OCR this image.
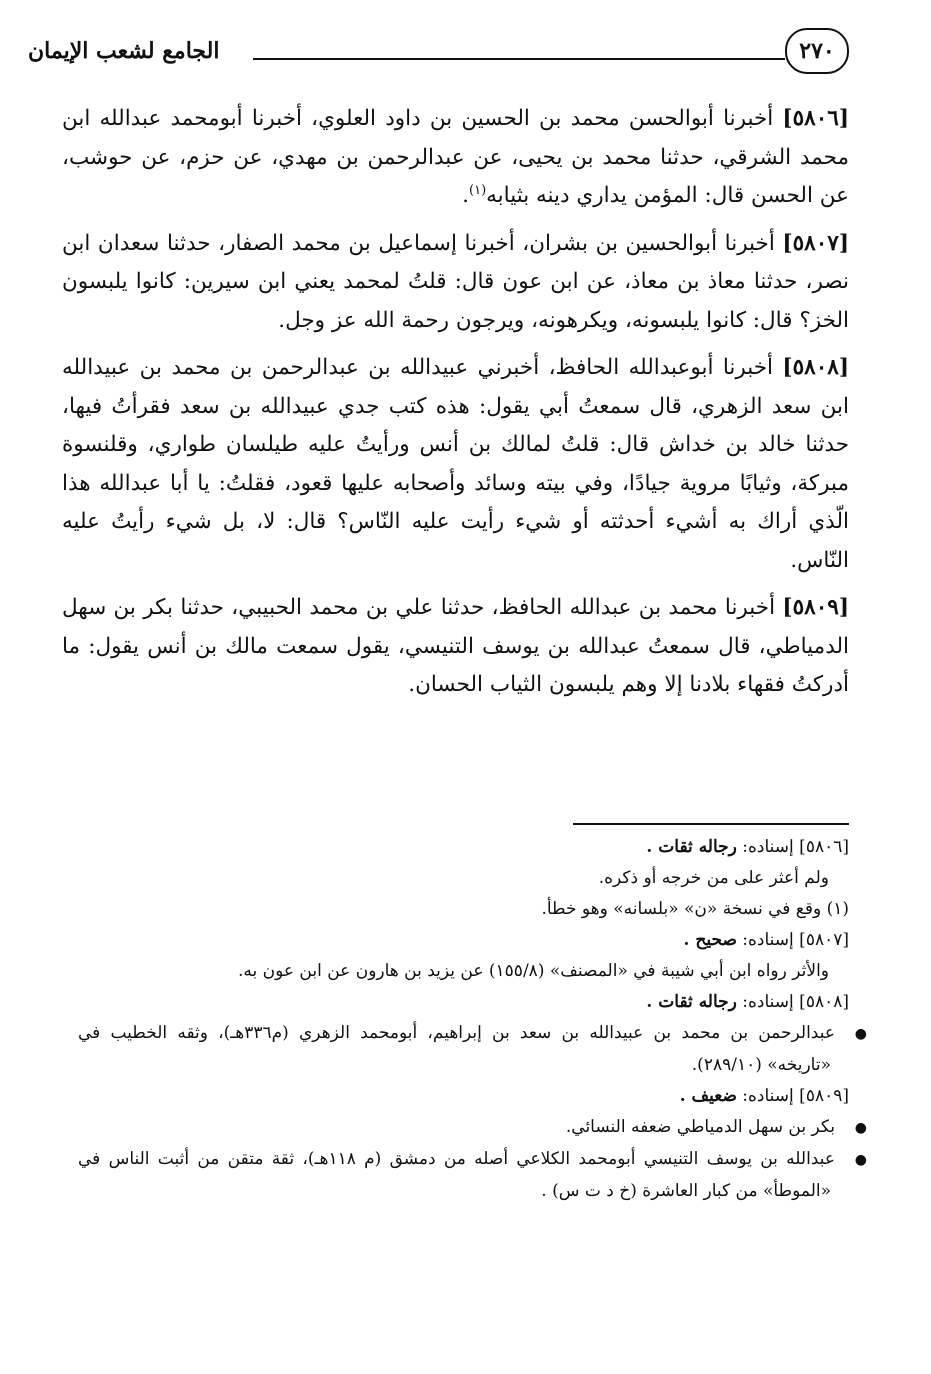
٢٧٠
الجامع لشعب الإيمان

[٥٨٠٦] أخبرنا أبوالحسن محمد بن الحسين بن داود العلوي، أخبرنا أبومحمد عبدالله ابن محمد الشرقي، حدثنا محمد بن يحيى، عن عبدالرحمن بن مهدي، عن حزم، عن حوشب، عن الحسن قال: المؤمن يداري دينه بثيابه$^{(١)}$.

[٥٨٠٧] أخبرنا أبوالحسين بن بشران، أخبرنا إسماعيل بن محمد الصفار، حدثنا سعدان ابن نصر، حدثنا معاذ بن معاذ، عن ابن عون قال: قلتُ لمحمد يعني ابن سيرين: كانوا يلبسون الخز؟ قال: كانوا يلبسونه، ويكرهونه، ويرجون رحمة الله عز وجل.

[٥٨٠٨] أخبرنا أبوعبدالله الحافظ، أخبرني عبيدالله بن عبدالرحمن بن محمد بن عبيدالله ابن سعد الزهري، قال سمعتُ أبي يقول: هذه كتب جدي عبيدالله بن سعد فقرأتُ فيها، حدثنا خالد بن خداش قال: قلتُ لمالك بن أنس ورأيتُ عليه طيلسان طواري، وقلنسوة مبركة، وثيابًا مروية جيادًا، وفي بيته وسائد وأصحابه عليها قعود، فقلتُ: يا أبا عبدالله هذا الّذي أراك به أشيء أحدثته أو شيء رأيت عليه النّاس؟ قال: لا، بل شيء رأيتُ عليه النّاس.

[٥٨٠٩] أخبرنا محمد بن عبدالله الحافظ، حدثنا علي بن محمد الحبيبي، حدثنا بكر بن سهل الدمياطي، قال سمعتُ عبدالله بن يوسف التنيسي، يقول سمعت مالك بن أنس يقول: ما أدركتُ فقهاء بلادنا إلا وهم يلبسون الثياب الحسان.

[٥٨٠٦] إسناده: رجاله ثقات .

ولم أعثر على من خرجه أو ذكره.

(١) وقع في نسخة «ن» «بلسانه» وهو خطأ.

[٥٨٠٧] إسناده: صحيح .

والأثر رواه ابن أبي شيبة في «المصنف» (١٥٥/٨) عن يزيد بن هارون عن ابن عون به.

[٥٨٠٨] إسناده: رجاله ثقات .

●عبدالرحمن بن محمد بن عبيدالله بن سعد بن إبراهيم، أبومحمد الزهري (م٣٣٦هـ)، وثقه الخطيب في «تاريخه» (٢٨٩/١٠).

[٥٨٠٩] إسناده: ضعيف .

●بكر بن سهل الدمياطي ضعفه النسائي.

●عبدالله بن يوسف التنيسي أبومحمد الكلاعي أصله من دمشق (م ١١٨هـ)، ثقة متقن من أثبت الناس في «الموطأ» من كبار العاشرة (خ د ت س) .
